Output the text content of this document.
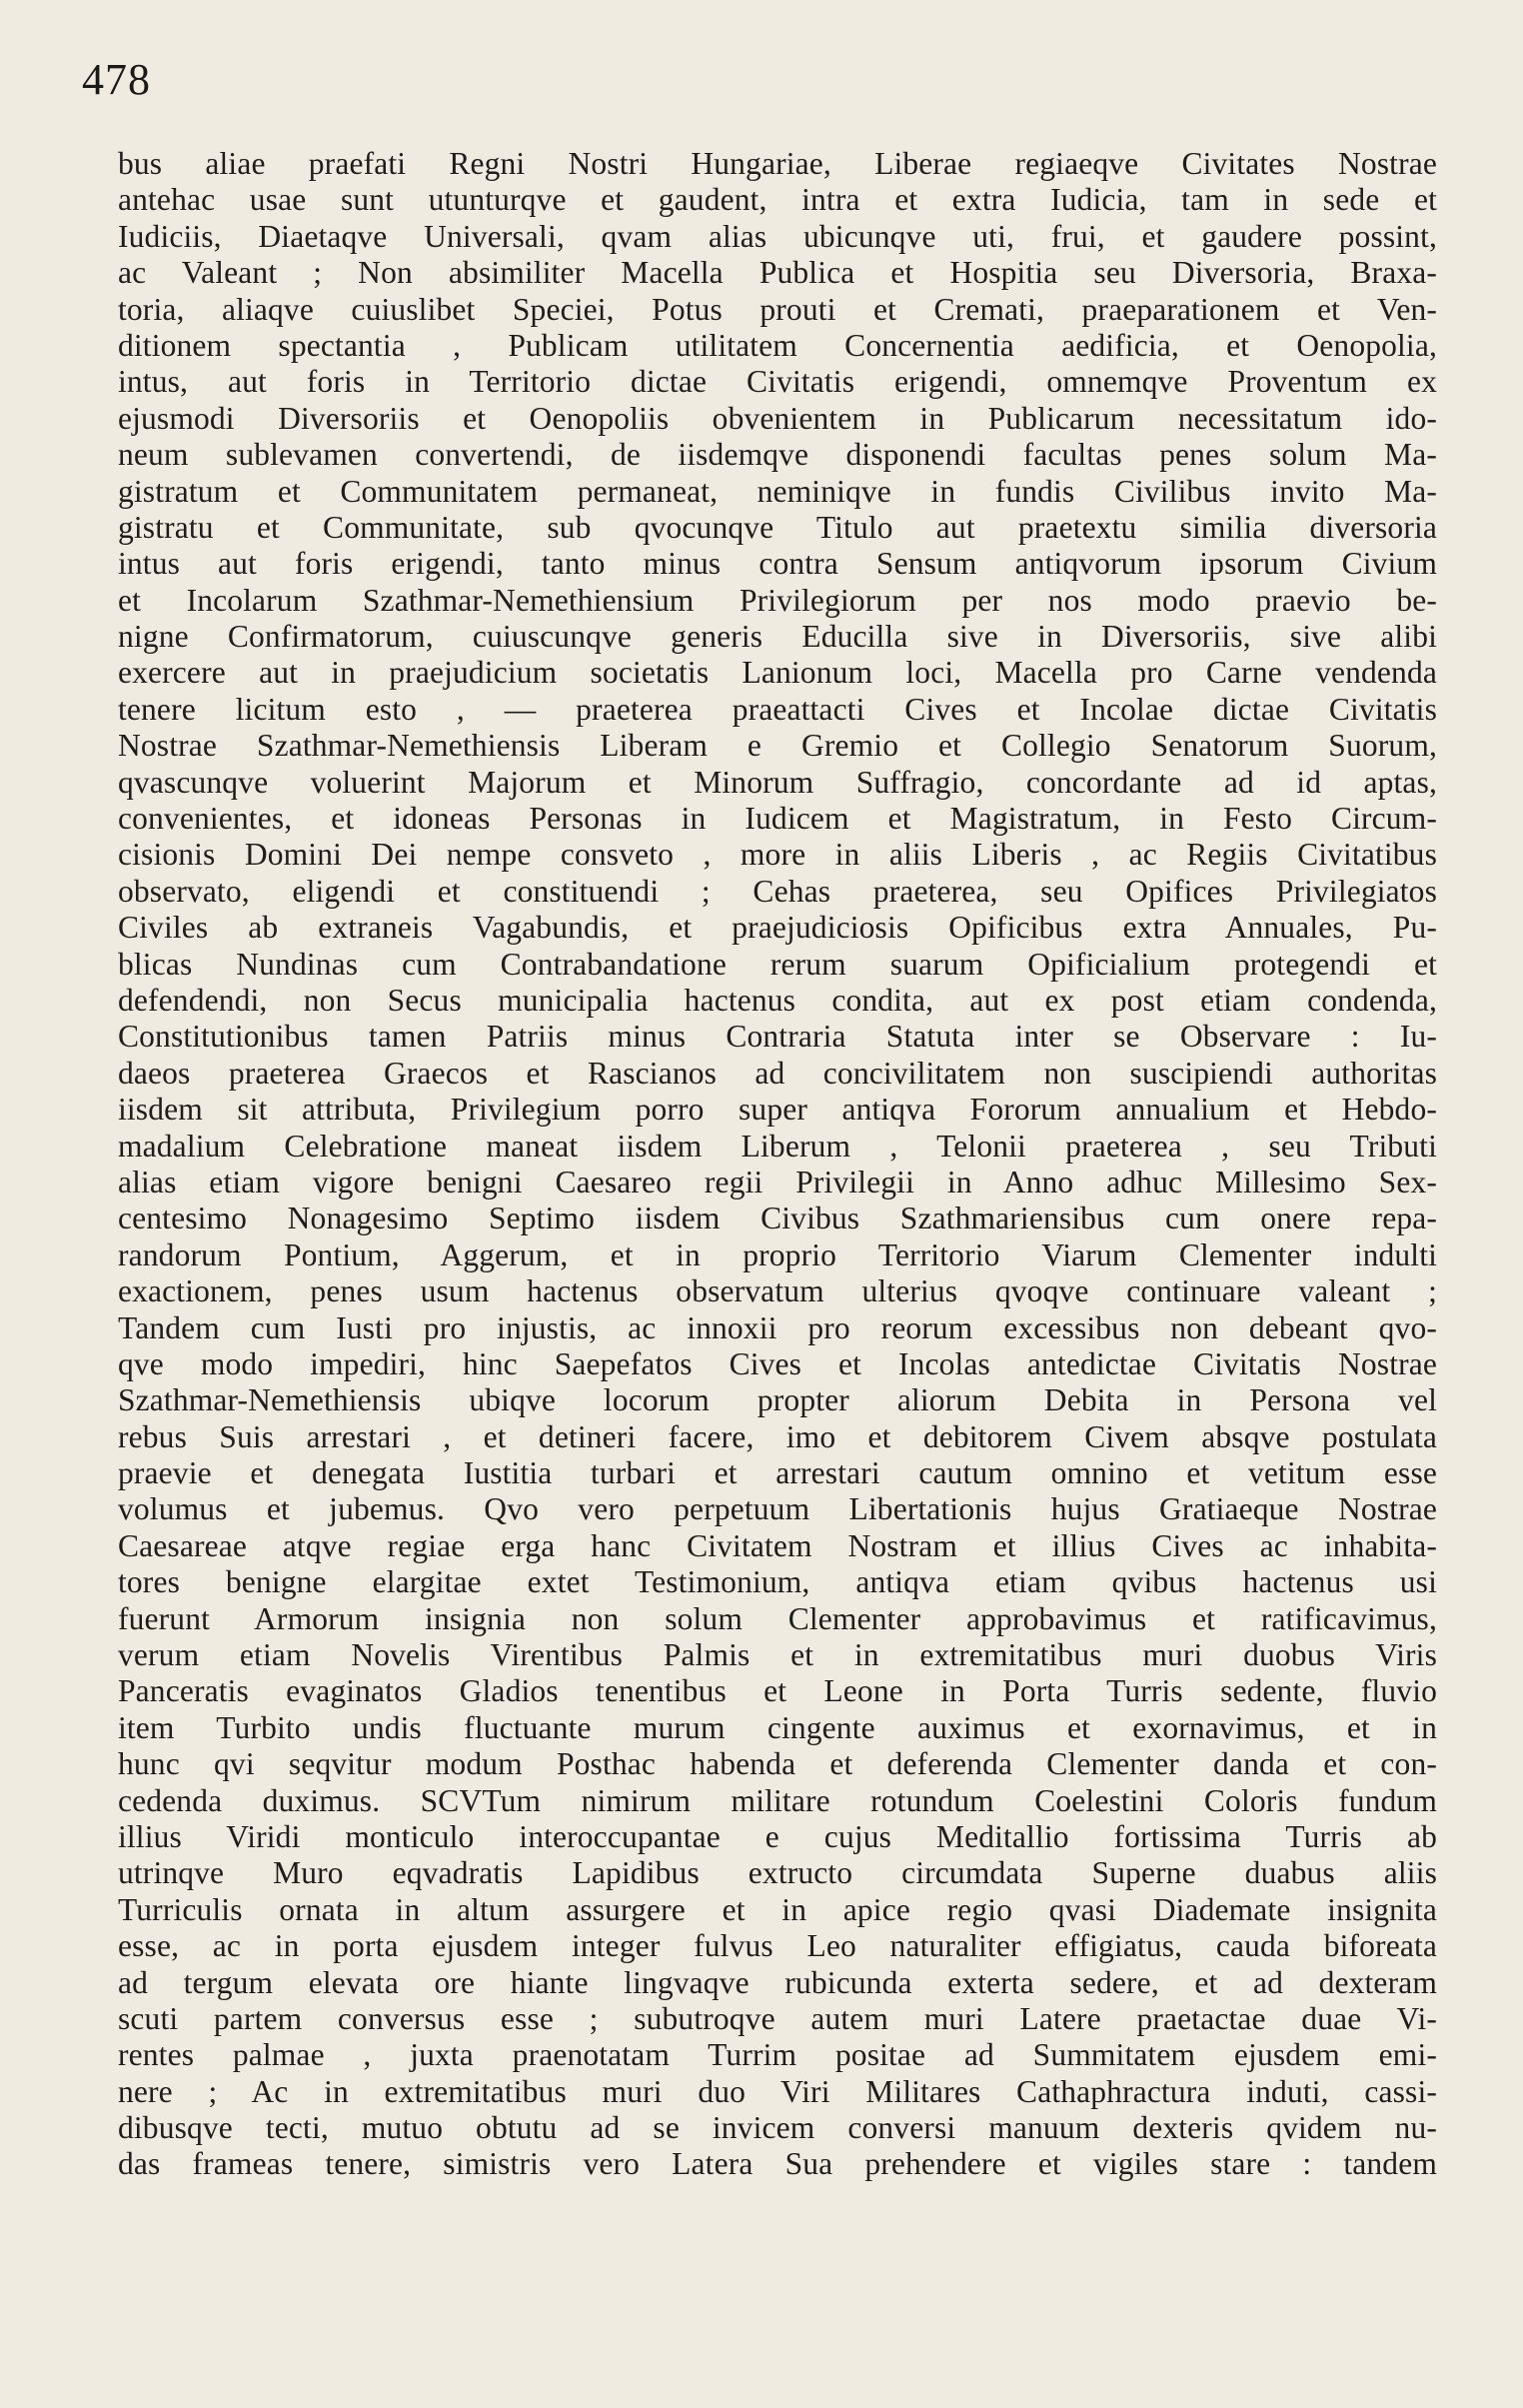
478
bus aliae praefati Regni Nostri Hungariae, Liberae regiaeqve Civitates Nostrae
antehac usae sunt utunturqve et gaudent, intra et extra Iudicia, tam in sede et
Iudiciis, Diaetaqve Universali, qvam alias ubicunqve uti, frui, et gaudere possint,
ac Valeant ; Non absimiliter Macella Publica et Hospitia seu Diversoria, Braxa-
toria, aliaqve cuiuslibet Speciei, Potus prouti et Cremati, praeparationem et Ven-
ditionem spectantia , Publicam utilitatem Concernentia aedificia, et Oenopolia,
intus, aut foris in Territorio dictae Civitatis erigendi, omnemqve Proventum ex
ejusmodi Diversoriis et Oenopoliis obvenientem in Publicarum necessitatum ido-
neum sublevamen convertendi, de iisdemqve disponendi facultas penes solum Ma-
gistratum et Communitatem permaneat, neminiqve in fundis Civilibus invito Ma-
gistratu et Communitate, sub qvocunqve Titulo aut praetextu similia diversoria
intus aut foris erigendi, tanto minus contra Sensum antiqvorum ipsorum Civium
et Incolarum Szathmar-Nemethiensium Privilegiorum per nos modo praevio be-
nigne Confirmatorum, cuiuscunqve generis Educilla sive in Diversoriis, sive alibi
exercere aut in praejudicium societatis Lanionum loci, Macella pro Carne vendenda
tenere licitum esto , — praeterea praeattacti Cives et Incolae dictae Civitatis
Nostrae Szathmar-Nemethiensis Liberam e Gremio et Collegio Senatorum Suorum,
qvascunqve voluerint Majorum et Minorum Suffragio, concordante ad id aptas,
convenientes, et idoneas Personas in Iudicem et Magistratum, in Festo Circum-
cisionis Domini Dei nempe consveto , more in aliis Liberis , ac Regiis Civitatibus
observato, eligendi et constituendi ; Cehas praeterea, seu Opifices Privilegiatos
Civiles ab extraneis Vagabundis, et praejudiciosis Opificibus extra Annuales, Pu-
blicas Nundinas cum Contrabandatione rerum suarum Opificialium protegendi et
defendendi, non Secus municipalia hactenus condita, aut ex post etiam condenda,
Constitutionibus tamen Patriis minus Contraria Statuta inter se Observare : Iu-
daeos praeterea Graecos et Rascianos ad concivilitatem non suscipiendi authoritas
iisdem sit attributa, Privilegium porro super antiqva Fororum annualium et Hebdo-
madalium Celebratione maneat iisdem Liberum , Telonii praeterea , seu Tributi
alias etiam vigore benigni Caesareo regii Privilegii in Anno adhuc Millesimo Sex-
centesimo Nonagesimo Septimo iisdem Civibus Szathmariensibus cum onere repa-
randorum Pontium, Aggerum, et in proprio Territorio Viarum Clementer indulti
exactionem, penes usum hactenus observatum ulterius qvoqve continuare valeant ;
Tandem cum Iusti pro injustis, ac innoxii pro reorum excessibus non debeant qvo-
qve modo impediri, hinc Saepefatos Cives et Incolas antedictae Civitatis Nostrae
Szathmar-Nemethiensis ubiqve locorum propter aliorum Debita in Persona vel
rebus Suis arrestari , et detineri facere, imo et debitorem Civem absqve postulata
praevie et denegata Iustitia turbari et arrestari cautum omnino et vetitum esse
volumus et jubemus. Qvo vero perpetuum Libertationis hujus Gratiaeque Nostrae
Caesareae atqve regiae erga hanc Civitatem Nostram et illius Cives ac inhabita-
tores benigne elargitae extet Testimonium, antiqva etiam qvibus hactenus usi
fuerunt Armorum insignia non solum Clementer approbavimus et ratificavimus,
verum etiam Novelis Virentibus Palmis et in extremitatibus muri duobus Viris
Panceratis evaginatos Gladios tenentibus et Leone in Porta Turris sedente, fluvio
item Turbito undis fluctuante murum cingente auximus et exornavimus, et in
hunc qvi seqvitur modum Posthac habenda et deferenda Clementer danda et con-
cedenda duximus. SCVTum nimirum militare rotundum Coelestini Coloris fundum
illius Viridi monticulo interoccupantae e cujus Meditallio fortissima Turris ab
utrinqve Muro eqvadratis Lapidibus extructo circumdata Superne duabus aliis
Turriculis ornata in altum assurgere et in apice regio qvasi Diademate insignita
esse, ac in porta ejusdem integer fulvus Leo naturaliter effigiatus, cauda biforeata
ad tergum elevata ore hiante lingvaqve rubicunda exterta sedere, et ad dexteram
scuti partem conversus esse ; subutroqve autem muri Latere praetactae duae Vi-
rentes palmae , juxta praenotatam Turrim positae ad Summitatem ejusdem emi-
nere ; Ac in extremitatibus muri duo Viri Militares Cathaphractura induti, cassi-
dibusqve tecti, mutuo obtutu ad se invicem conversi manuum dexteris qvidem nu-
das frameas tenere, simistris vero Latera Sua prehendere et vigiles stare : tandem
